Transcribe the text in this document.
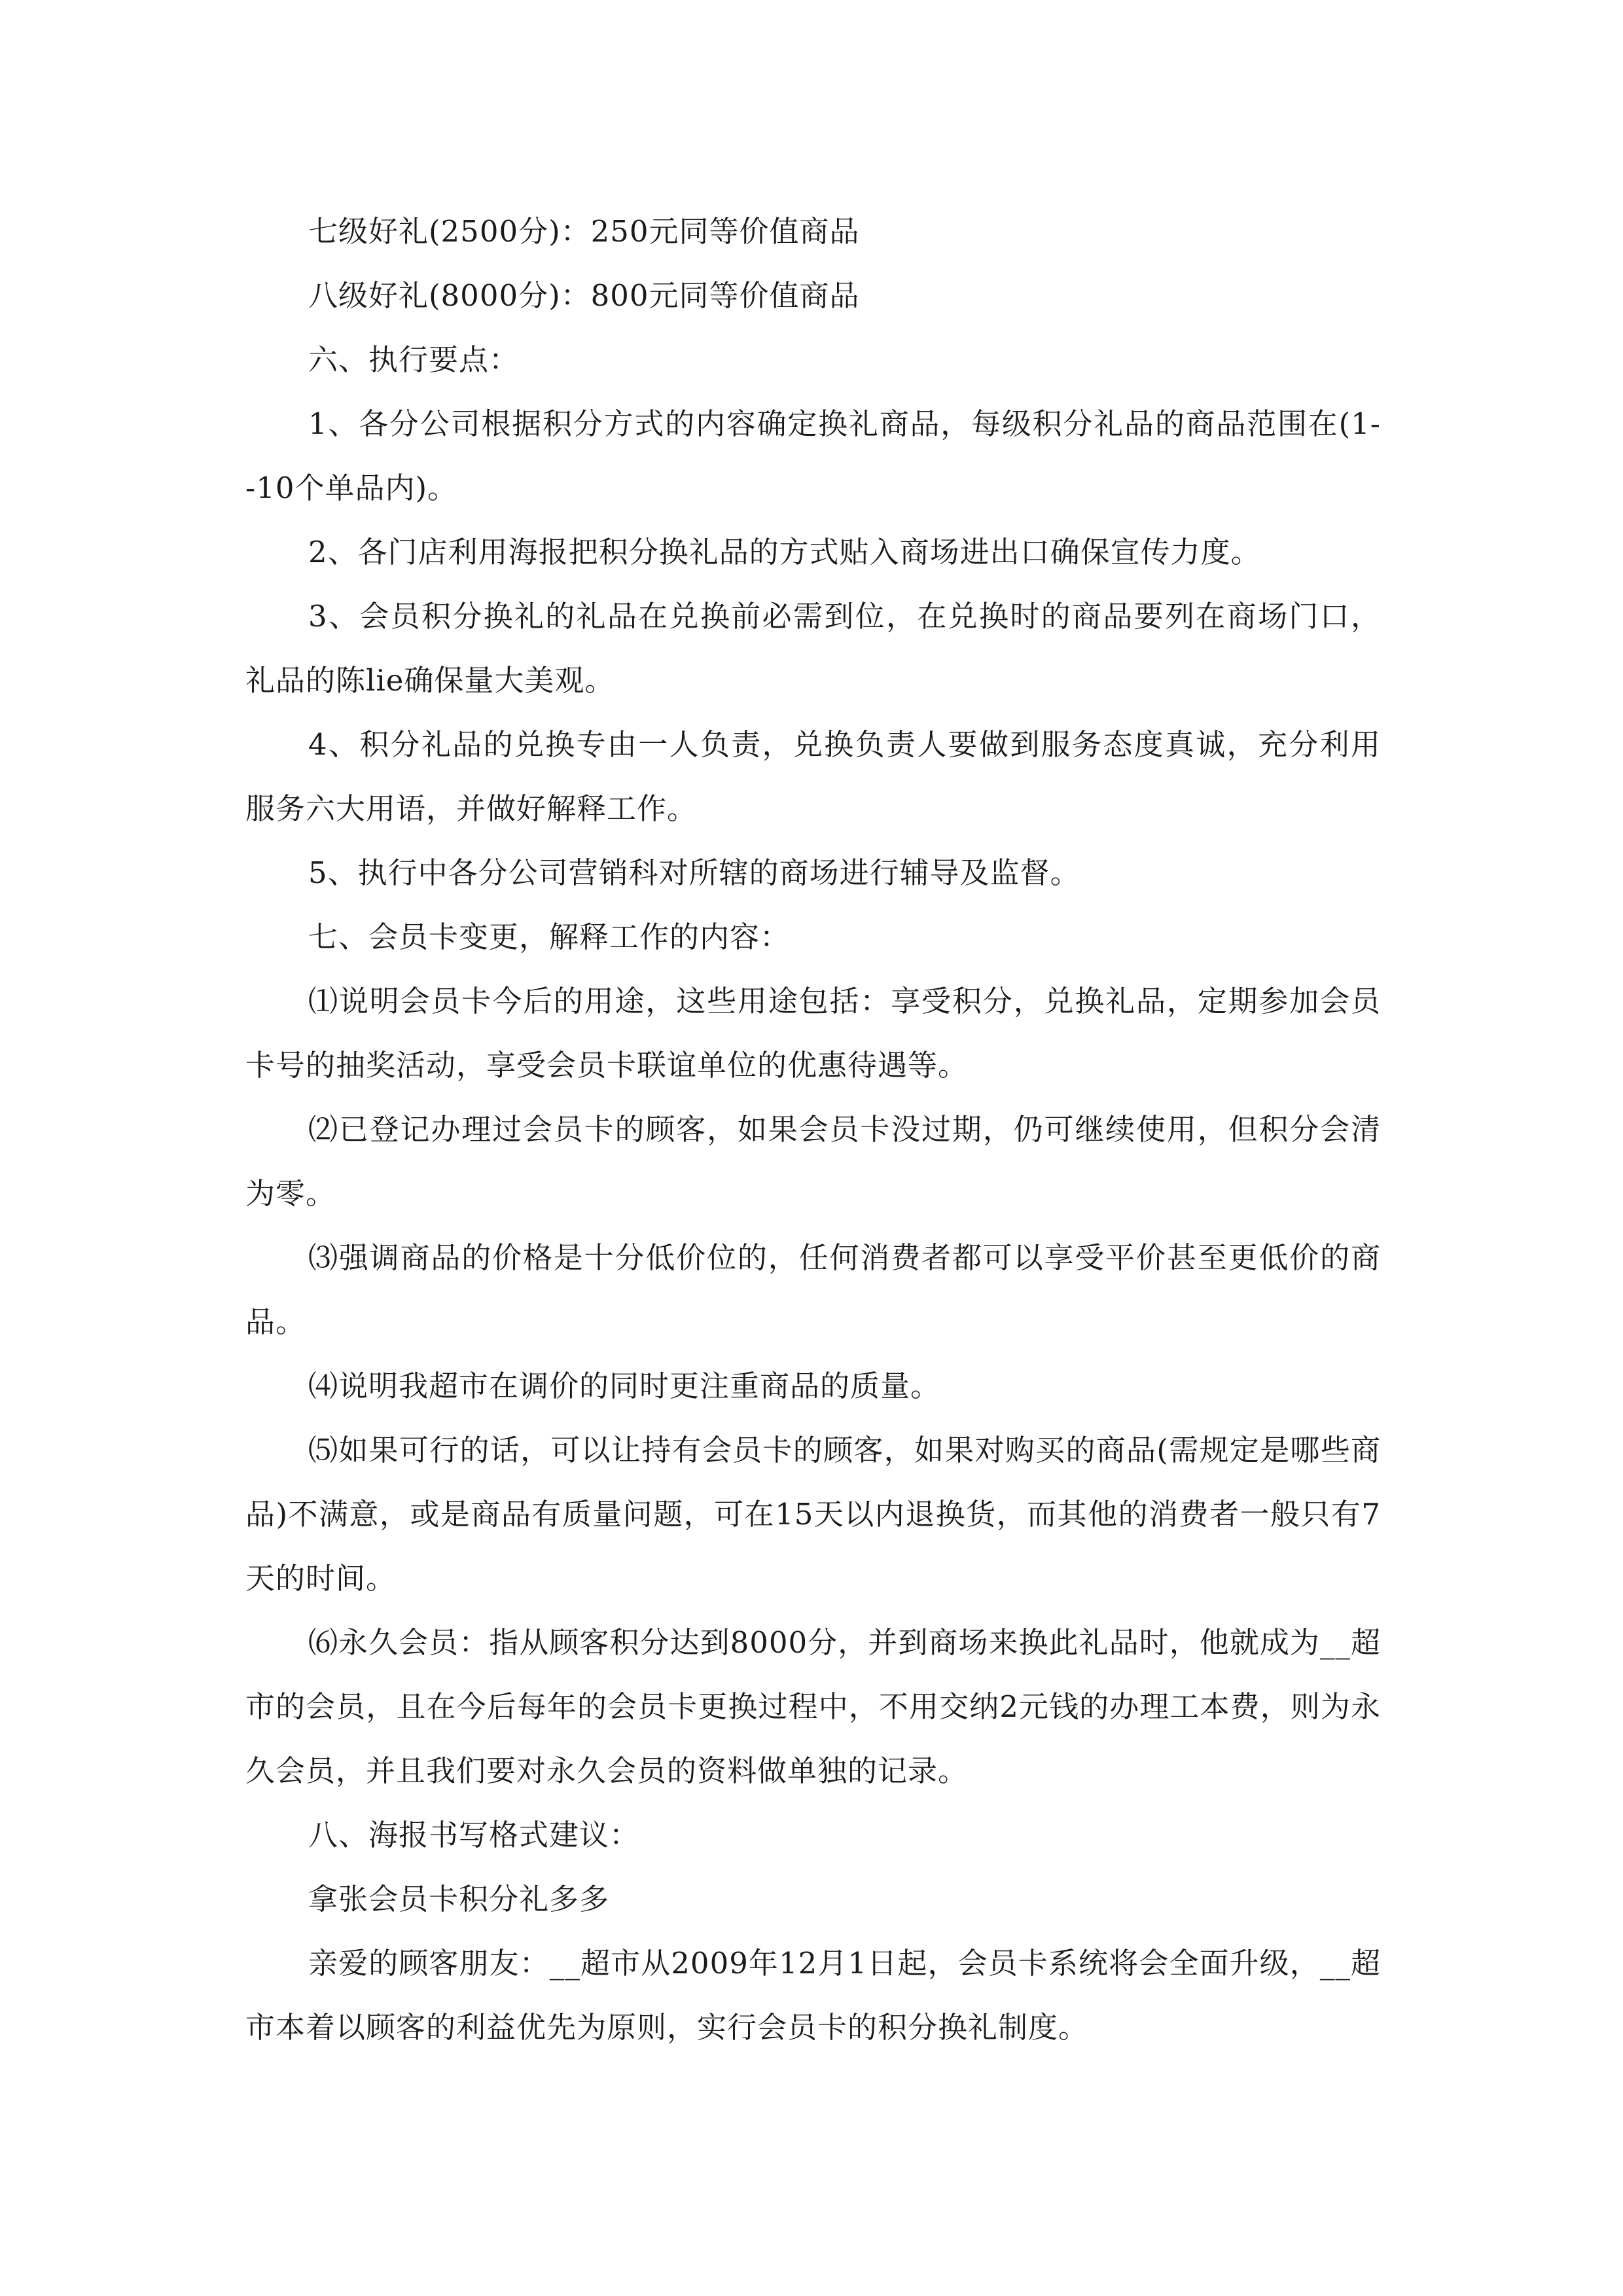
七级好礼(2500分)：250元同等价值商品

八级好礼(8000分)：800元同等价值商品

六、执行要点：

1、各分公司根据积分方式的内容确定换礼商品，每级积分礼品的商品范围在(1--10个单品内)。

2、各门店利用海报把积分换礼品的方式贴入商场进出口确保宣传力度。

3、会员积分换礼的礼品在兑换前必需到位，在兑换时的商品要列在商场门口，礼品的陈lie确保量大美观。

4、积分礼品的兑换专由一人负责，兑换负责人要做到服务态度真诚，充分利用服务六大用语，并做好解释工作。

5、执行中各分公司营销科对所辖的商场进行辅导及监督。

七、会员卡变更，解释工作的内容：

⑴说明会员卡今后的用途，这些用途包括：享受积分，兑换礼品，定期参加会员卡号的抽奖活动，享受会员卡联谊单位的优惠待遇等。

⑵已登记办理过会员卡的顾客，如果会员卡没过期，仍可继续使用，但积分会清为零。

⑶强调商品的价格是十分低价位的，任何消费者都可以享受平价甚至更低价的商品。

⑷说明我超市在调价的同时更注重商品的质量。

⑸如果可行的话，可以让持有会员卡的顾客，如果对购买的商品(需规定是哪些商品)不满意，或是商品有质量问题，可在15天以内退换货，而其他的消费者一般只有7天的时间。

⑹永久会员：指从顾客积分达到8000分，并到商场来换此礼品时，他就成为__超市的会员，且在今后每年的会员卡更换过程中，不用交纳2元钱的办理工本费，则为永久会员，并且我们要对永久会员的资料做单独的记录。

八、海报书写格式建议：

拿张会员卡积分礼多多

亲爱的顾客朋友：__超市从2009年12月1日起，会员卡系统将会全面升级，__超市本着以顾客的利益优先为原则，实行会员卡的积分换礼制度。
